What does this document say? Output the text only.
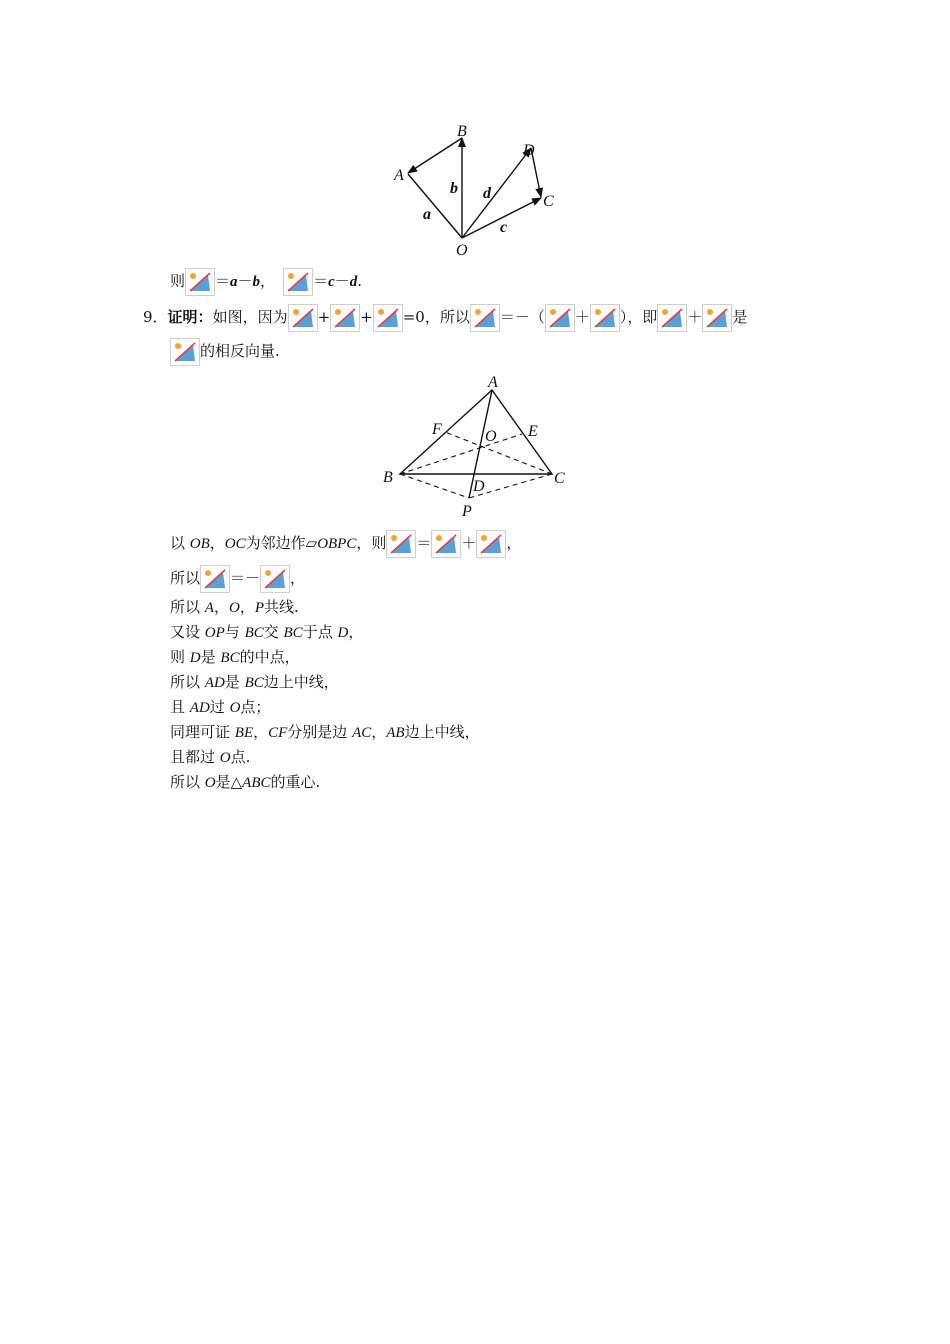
B
A
D
C
O
a
b d
c
则 ＝a－b，	＝c－d.
9．证明：如图，因为 + + =0，所以 ＝－（ ＋ ），即 ＋ 是
的相反向量.
A
F	O E
B	C
D
P
以 OB，OC为邻边作▱OBPC，则 ＝ ＋ ，
所以 ＝－ ，
所以 A，O，P共线.
又设 OP与 BC交 BC于点 D，
则 D是 BC的中点，
所以 AD是 BC边上中线，
且 AD过 O点；
同理可证 BE，CF分别是边 AC，AB边上中线，
且都过 O点.
所以 O是△ABC的重心.
